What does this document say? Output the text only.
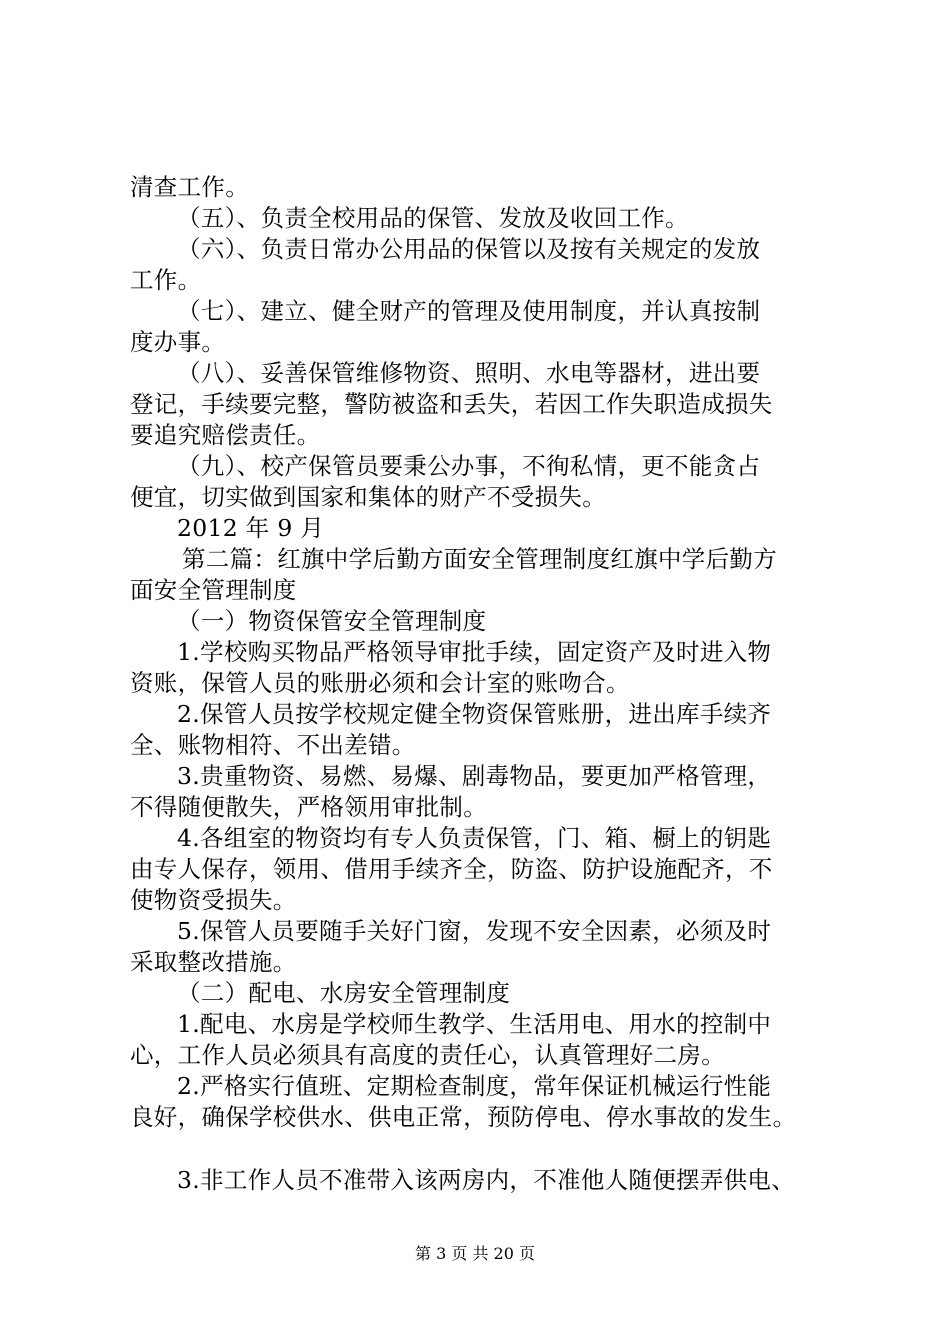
清查工作。
（五）、负责全校用品的保管、发放及收回工作。
（六）、负责日常办公用品的保管以及按有关规定的发放
工作。
（七）、建立、健全财产的管理及使用制度，并认真按制
度办事。
（八）、妥善保管维修物资、照明、水电等器材，进出要
登记，手续要完整，警防被盗和丢失，若因工作失职造成损失
要追究赔偿责任。
（九）、校产保管员要秉公办事，不徇私情，更不能贪占
便宜，切实做到国家和集体的财产不受损失。
2012 年 9 月
第二篇：红旗中学后勤方面安全管理制度红旗中学后勤方
面安全管理制度
（一）物资保管安全管理制度
1.学校购买物品严格领导审批手续，固定资产及时进入物
资账，保管人员的账册必须和会计室的账吻合。
2.保管人员按学校规定健全物资保管账册，进出库手续齐
全、账物相符、不出差错。
3.贵重物资、易燃、易爆、剧毒物品，要更加严格管理，
不得随便散失，严格领用审批制。
4.各组室的物资均有专人负责保管，门、箱、橱上的钥匙
由专人保存，领用、借用手续齐全，防盗、防护设施配齐，不
使物资受损失。
5.保管人员要随手关好门窗，发现不安全因素，必须及时
采取整改措施。
（二）配电、水房安全管理制度
1.配电、水房是学校师生教学、生活用电、用水的控制中
心，工作人员必须具有高度的责任心，认真管理好二房。
2.严格实行值班、定期检查制度，常年保证机械运行性能
良好，确保学校供水、供电正常，预防停电、停水事故的发生。
3.非工作人员不准带入该两房内，不准他人随便摆弄供电、
第 3 页 共 20 页
